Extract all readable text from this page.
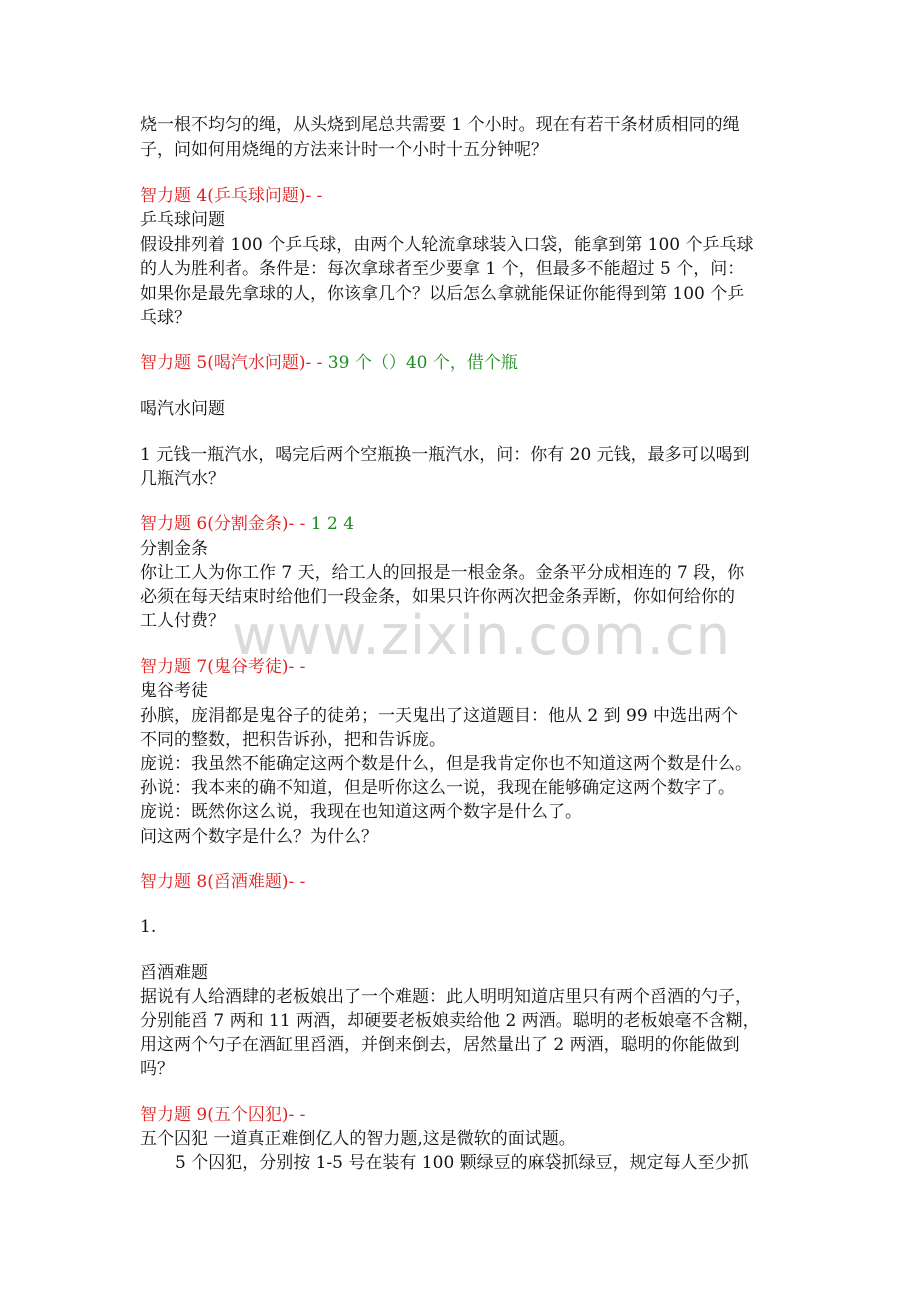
烧一根不均匀的绳，从头烧到尾总共需要 1 个小时。现在有若干条材质相同的绳
子，问如何用烧绳的方法来计时一个小时十五分钟呢？
智力题 4(乒乓球问题)- -
乒乓球问题
假设排列着 100 个乒乓球，由两个人轮流拿球装入口袋，能拿到第 100 个乒乓球
的人为胜利者。条件是：每次拿球者至少要拿 1 个，但最多不能超过 5 个，问：
如果你是最先拿球的人，你该拿几个？以后怎么拿就能保证你能得到第 100 个乒
乓球？
智力题 5(喝汽水问题)- - 39 个（）40 个，借个瓶
喝汽水问题
1 元钱一瓶汽水，喝完后两个空瓶换一瓶汽水，问：你有 20 元钱，最多可以喝到
几瓶汽水？
智力题 6(分割金条)- - 1 2 4
分割金条
你让工人为你工作 7 天，给工人的回报是一根金条。金条平分成相连的 7 段，你
必须在每天结束时给他们一段金条，如果只许你两次把金条弄断，你如何给你的
工人付费？
智力题 7(鬼谷考徒)- -
鬼谷考徒
孙膑，庞涓都是鬼谷子的徒弟；一天鬼出了这道题目：他从 2 到 99 中选出两个
不同的整数，把积告诉孙，把和告诉庞。
庞说：我虽然不能确定这两个数是什么，但是我肯定你也不知道这两个数是什么。
孙说：我本来的确不知道，但是听你这么一说，我现在能够确定这两个数字了。
庞说：既然你这么说，我现在也知道这两个数字是什么了。
问这两个数字是什么？为什么？
智力题 8(舀酒难题)- -
1.
舀酒难题
据说有人给酒肆的老板娘出了一个难题：此人明明知道店里只有两个舀酒的勺子，
分别能舀 7 两和 11 两酒，却硬要老板娘卖给他 2 两酒。聪明的老板娘毫不含糊，
用这两个勺子在酒缸里舀酒，并倒来倒去，居然量出了 2 两酒，聪明的你能做到
吗？
智力题 9(五个囚犯)- -
五个囚犯 一道真正难倒亿人的智力题,这是微软的面试题。
5 个囚犯，分别按 1-5 号在装有 100 颗绿豆的麻袋抓绿豆，规定每人至少抓
www.zixin.com.cn
